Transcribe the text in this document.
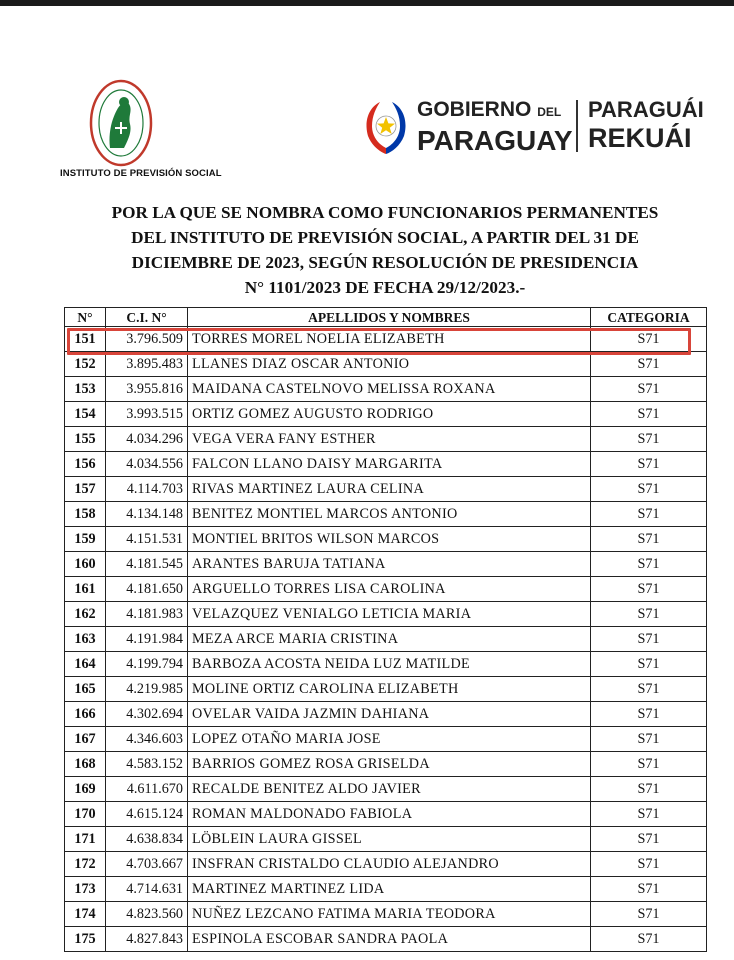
INSTITUTO DE PREVISIÓN SOCIAL
GOBIERNO DEL
PARAGUAY
PARAGUÁI
REKUÁI
POR LA QUE SE NOMBRA COMO FUNCIONARIOS PERMANENTES
DEL INSTITUTO DE PREVISIÓN SOCIAL, A PARTIR DEL 31 DE
DICIEMBRE DE 2023, SEGÚN RESOLUCIÓN DE PRESIDENCIA
N° 1101/2023 DE FECHA 29/12/2023.-
N°	C.I. N°	APELLIDOS Y NOMBRES	CATEGORIA
151	3.796.509	TORRES MOREL NOELIA ELIZABETH	S71
152	3.895.483	LLANES DIAZ OSCAR ANTONIO	S71
153	3.955.816	MAIDANA CASTELNOVO MELISSA ROXANA	S71
154	3.993.515	ORTIZ GOMEZ AUGUSTO RODRIGO	S71
155	4.034.296	VEGA VERA FANY ESTHER	S71
156	4.034.556	FALCON LLANO DAISY MARGARITA	S71
157	4.114.703	RIVAS MARTINEZ LAURA CELINA	S71
158	4.134.148	BENITEZ MONTIEL MARCOS ANTONIO	S71
159	4.151.531	MONTIEL BRITOS WILSON MARCOS	S71
160	4.181.545	ARANTES BARUJA TATIANA	S71
161	4.181.650	ARGUELLO TORRES LISA CAROLINA	S71
162	4.181.983	VELAZQUEZ VENIALGO LETICIA MARIA	S71
163	4.191.984	MEZA ARCE MARIA CRISTINA	S71
164	4.199.794	BARBOZA ACOSTA NEIDA LUZ MATILDE	S71
165	4.219.985	MOLINE ORTIZ CAROLINA ELIZABETH	S71
166	4.302.694	OVELAR VAIDA JAZMIN DAHIANA	S71
167	4.346.603	LOPEZ OTAÑO MARIA JOSE	S71
168	4.583.152	BARRIOS GOMEZ ROSA GRISELDA	S71
169	4.611.670	RECALDE BENITEZ ALDO JAVIER	S71
170	4.615.124	ROMAN MALDONADO FABIOLA	S71
171	4.638.834	LÖBLEIN LAURA GISSEL	S71
172	4.703.667	INSFRAN CRISTALDO CLAUDIO ALEJANDRO	S71
173	4.714.631	MARTINEZ MARTINEZ LIDA	S71
174	4.823.560	NUÑEZ LEZCANO FATIMA MARIA TEODORA	S71
175	4.827.843	ESPINOLA ESCOBAR SANDRA PAOLA	S71
